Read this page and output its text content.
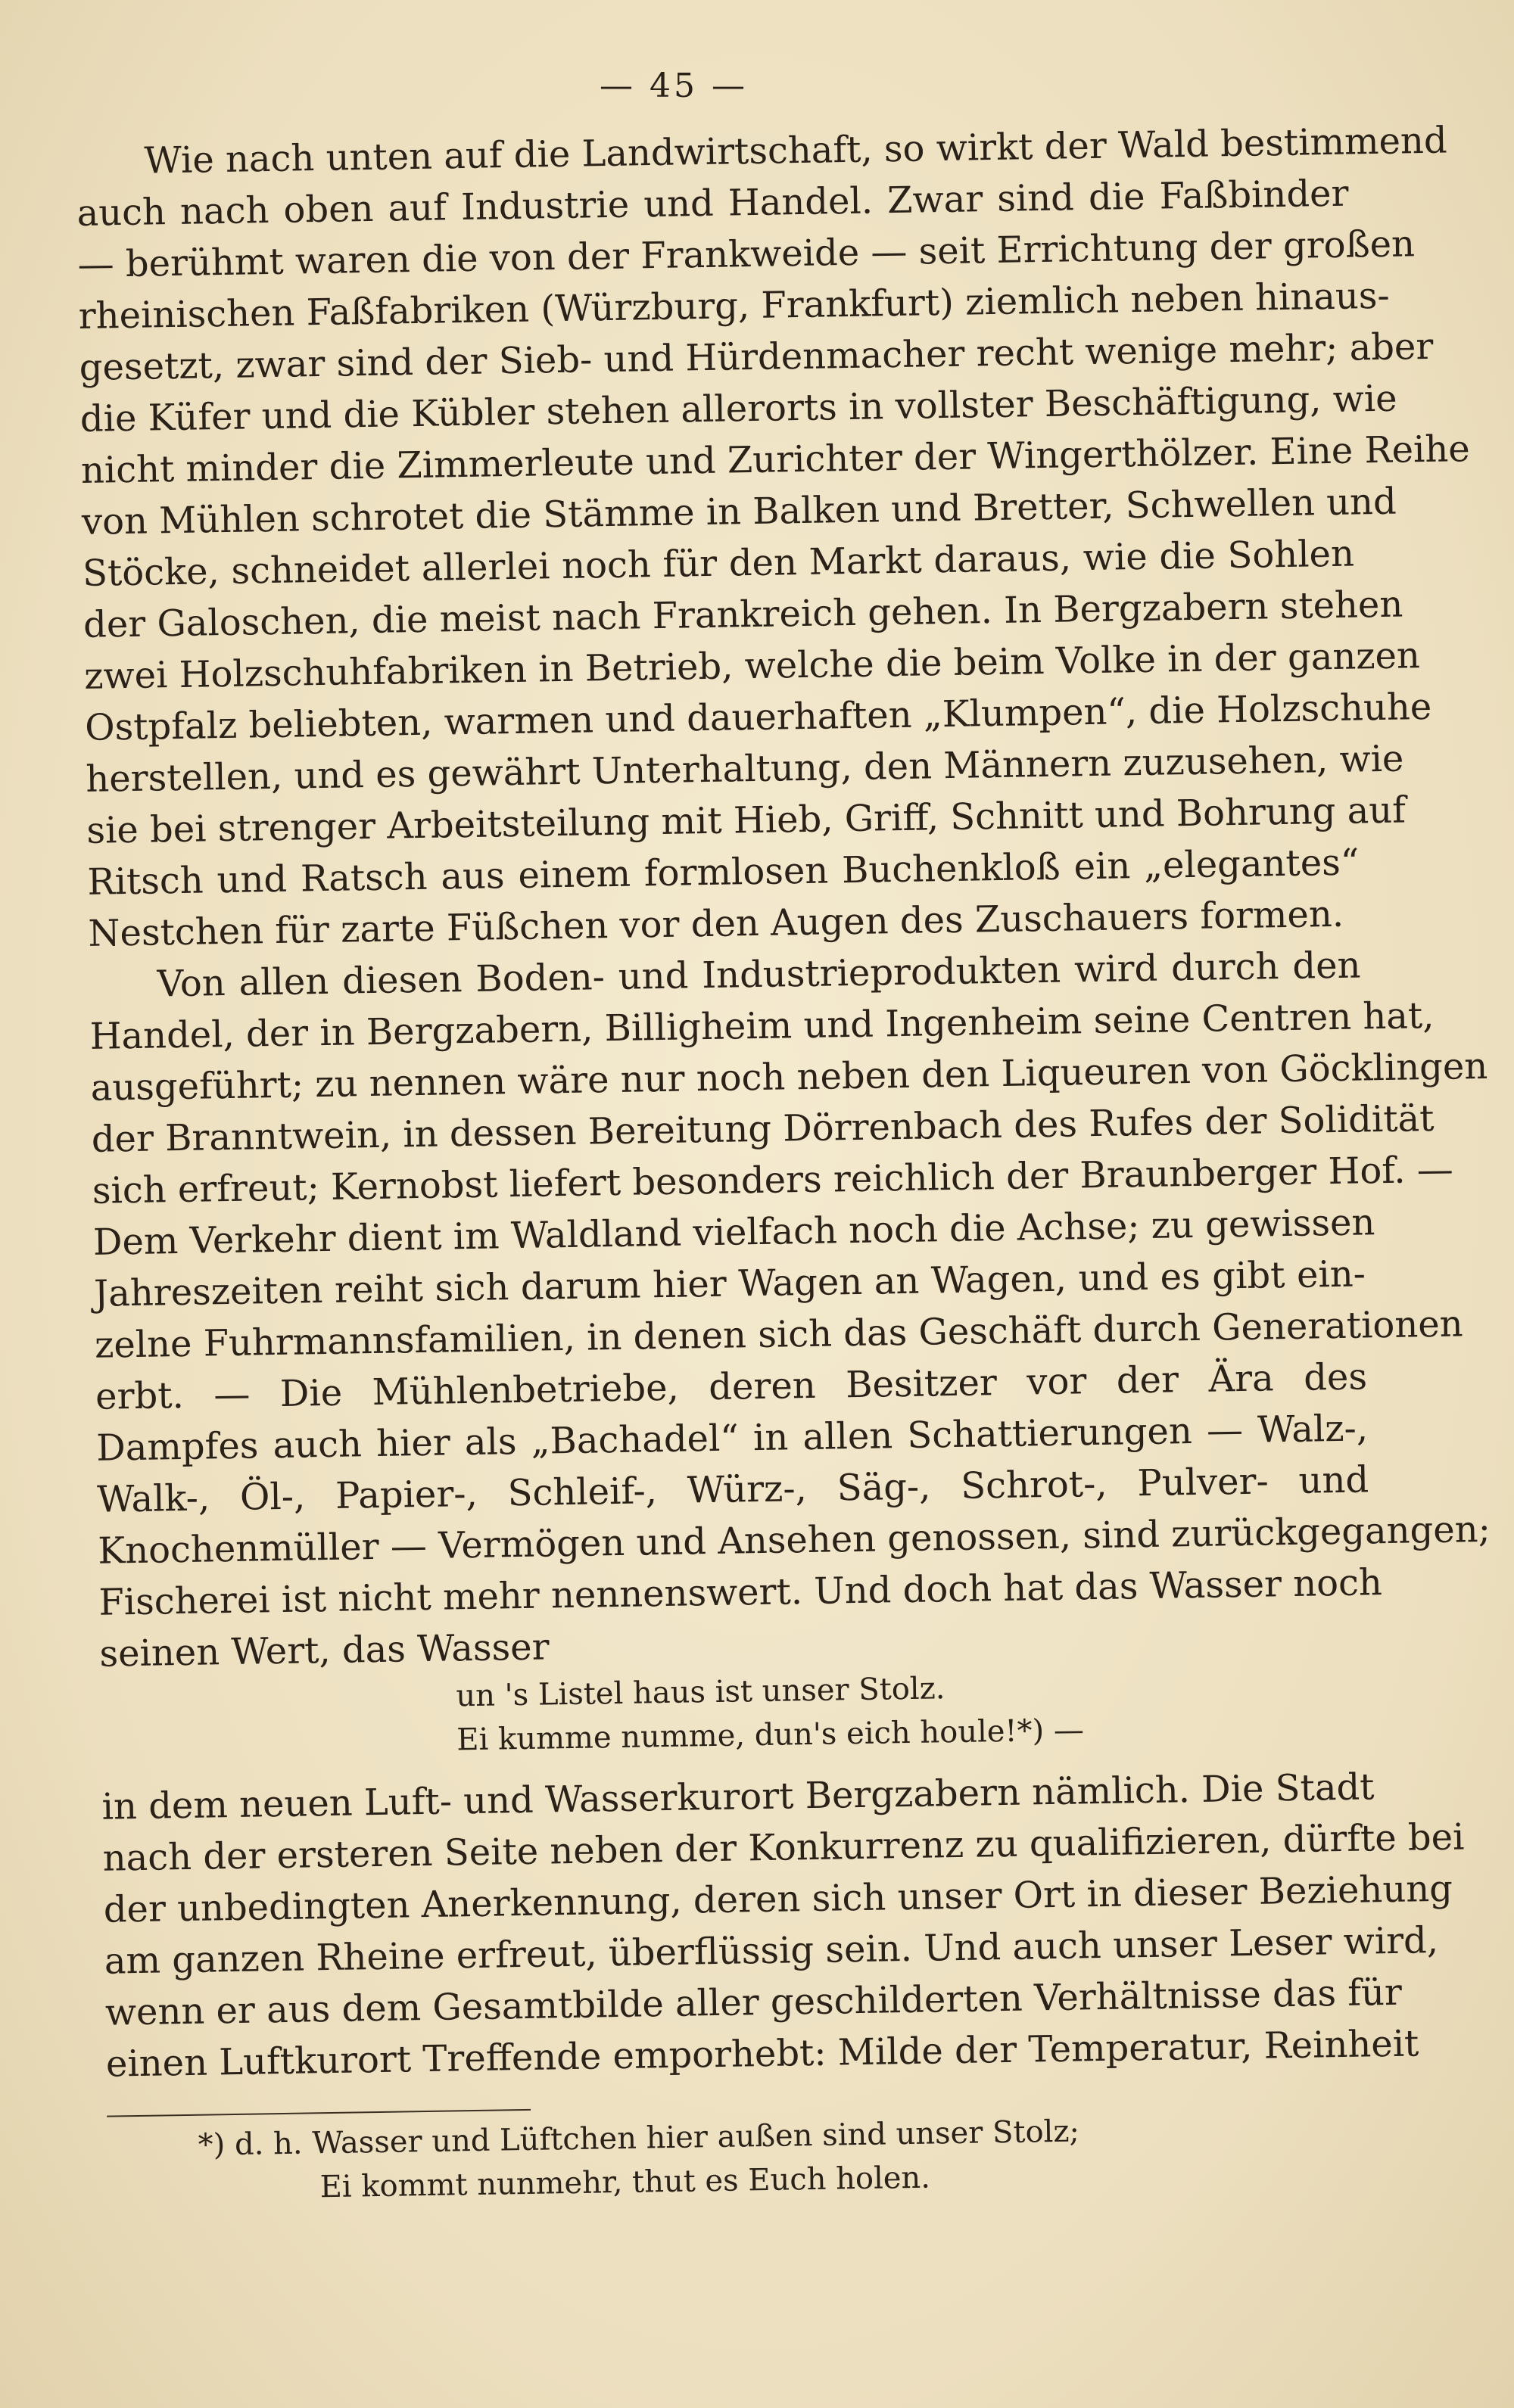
— 45 —
Wie nach unten auf die Landwirtschaft, so wirkt der Wald bestimmend
auch nach oben auf Industrie und Handel. Zwar sind die Faßbinder
— berühmt waren die von der Frankweide — seit Errichtung der großen
rheinischen Faßfabriken (Würzburg, Frankfurt) ziemlich neben hinaus-
gesetzt, zwar sind der Sieb- und Hürdenmacher recht wenige mehr; aber
die Küfer und die Kübler stehen allerorts in vollster Beschäftigung, wie
nicht minder die Zimmerleute und Zurichter der Wingerthölzer. Eine Reihe
von Mühlen schrotet die Stämme in Balken und Bretter, Schwellen und
Stöcke, schneidet allerlei noch für den Markt daraus, wie die Sohlen
der Galoschen, die meist nach Frankreich gehen. In Bergzabern stehen
zwei Holzschuhfabriken in Betrieb, welche die beim Volke in der ganzen
Ostpfalz beliebten, warmen und dauerhaften „Klumpen“, die Holzschuhe
herstellen, und es gewährt Unterhaltung, den Männern zuzusehen, wie
sie bei strenger Arbeitsteilung mit Hieb, Griff, Schnitt und Bohrung auf
Ritsch und Ratsch aus einem formlosen Buchenkloß ein „elegantes“
Nestchen für zarte Füßchen vor den Augen des Zuschauers formen.
Von allen diesen Boden- und Industrieprodukten wird durch den
Handel, der in Bergzabern, Billigheim und Ingenheim seine Centren hat,
ausgeführt; zu nennen wäre nur noch neben den Liqueuren von Göcklingen
der Branntwein, in dessen Bereitung Dörrenbach des Rufes der Solidität
sich erfreut; Kernobst liefert besonders reichlich der Braunberger Hof. —
Dem Verkehr dient im Waldland vielfach noch die Achse; zu gewissen
Jahreszeiten reiht sich darum hier Wagen an Wagen, und es gibt ein-
zelne Fuhrmannsfamilien, in denen sich das Geschäft durch Generationen
erbt. — Die Mühlenbetriebe, deren Besitzer vor der Ära des
Dampfes auch hier als „Bachadel“ in allen Schattierungen — Walz-,
Walk-, Öl-, Papier-, Schleif-, Würz-, Säg-, Schrot-, Pulver- und
Knochenmüller — Vermögen und Ansehen genossen, sind zurückgegangen;
Fischerei ist nicht mehr nennenswert. Und doch hat das Wasser noch
seinen Wert, das Wasser
un 's Listel haus ist unser Stolz.
Ei kumme numme, dun's eich houle!*) —
in dem neuen Luft- und Wasserkurort Bergzabern nämlich. Die Stadt
nach der ersteren Seite neben der Konkurrenz zu qualifizieren, dürfte bei
der unbedingten Anerkennung, deren sich unser Ort in dieser Beziehung
am ganzen Rheine erfreut, überflüssig sein. Und auch unser Leser wird,
wenn er aus dem Gesamtbilde aller geschilderten Verhältnisse das für
einen Luftkurort Treffende emporhebt: Milde der Temperatur, Reinheit
*) d. h. Wasser und Lüftchen hier außen sind unser Stolz;
Ei kommt nunmehr, thut es Euch holen.
